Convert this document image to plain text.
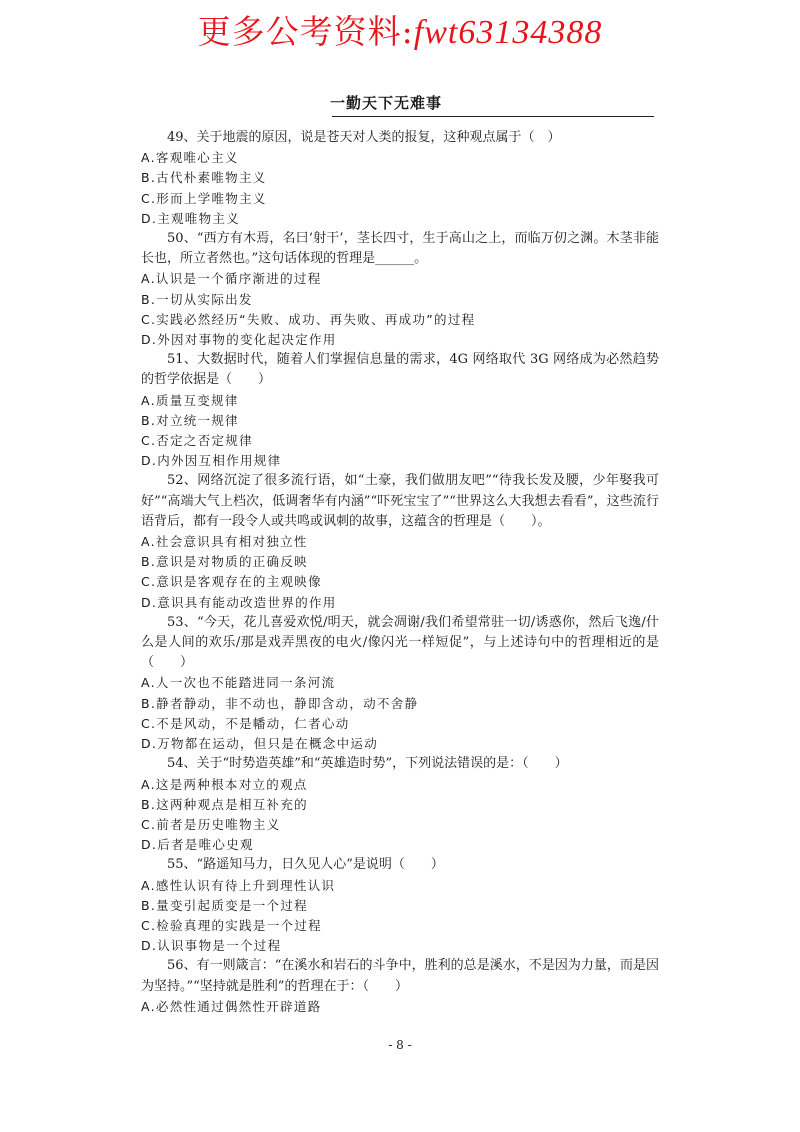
更多公考资料:fwt63134388
一勤天下无难事

49、关于地震的原因，说是苍天对人类的报复，这种观点属于（　）

A.客观唯心主义

B.古代朴素唯物主义

C.形而上学唯物主义

D.主观唯物主义

50、“西方有木焉，名曰‘射干’，茎长四寸，生于高山之上，而临万仞之渊。木茎非能长也，所立者然也。”这句话体现的哲理是______。

A.认识是一个循序渐进的过程

B.一切从实际出发

C.实践必然经历“失败、成功、再失败、再成功”的过程

D.外因对事物的变化起决定作用

51、大数据时代，随着人们掌握信息量的需求，4G 网络取代 3G 网络成为必然趋势的哲学依据是（　　）

A.质量互变规律

B.对立统一规律

C.否定之否定规律

D.内外因互相作用规律

52、网络沉淀了很多流行语，如“土豪，我们做朋友吧”“待我长发及腰，少年娶我可好”“高端大气上档次，低调奢华有内涵”“吓死宝宝了”“世界这么大我想去看看”，这些流行语背后，都有一段令人或共鸣或讽刺的故事，这蕴含的哲理是（　　）。

A.社会意识具有相对独立性

B.意识是对物质的正确反映

C.意识是客观存在的主观映像

D.意识具有能动改造世界的作用

53、“今天，花儿喜爱欢悦/明天，就会凋谢/我们希望常驻一切/诱惑你，然后飞逸/什么是人间的欢乐/那是戏弄黑夜的电火/像闪光一样短促”，与上述诗句中的哲理相近的是（　　）

A.人一次也不能踏进同一条河流

B.静者静动，非不动也，静即含动，动不舍静

C.不是风动，不是幡动，仁者心动

D.万物都在运动，但只是在概念中运动

54、关于“时势造英雄”和“英雄造时势”，下列说法错误的是：（　　）

A.这是两种根本对立的观点

B.这两种观点是相互补充的

C.前者是历史唯物主义

D.后者是唯心史观

55、“路遥知马力，日久见人心”是说明（　　）

A.感性认识有待上升到理性认识

B.量变引起质变是一个过程

C.检验真理的实践是一个过程

D.认识事物是一个过程

56、有一则箴言：“在溪水和岩石的斗争中，胜利的总是溪水，不是因为力量，而是因为坚持。”“坚持就是胜利”的哲理在于：（　　）

A.必然性通过偶然性开辟道路

- 8 -
